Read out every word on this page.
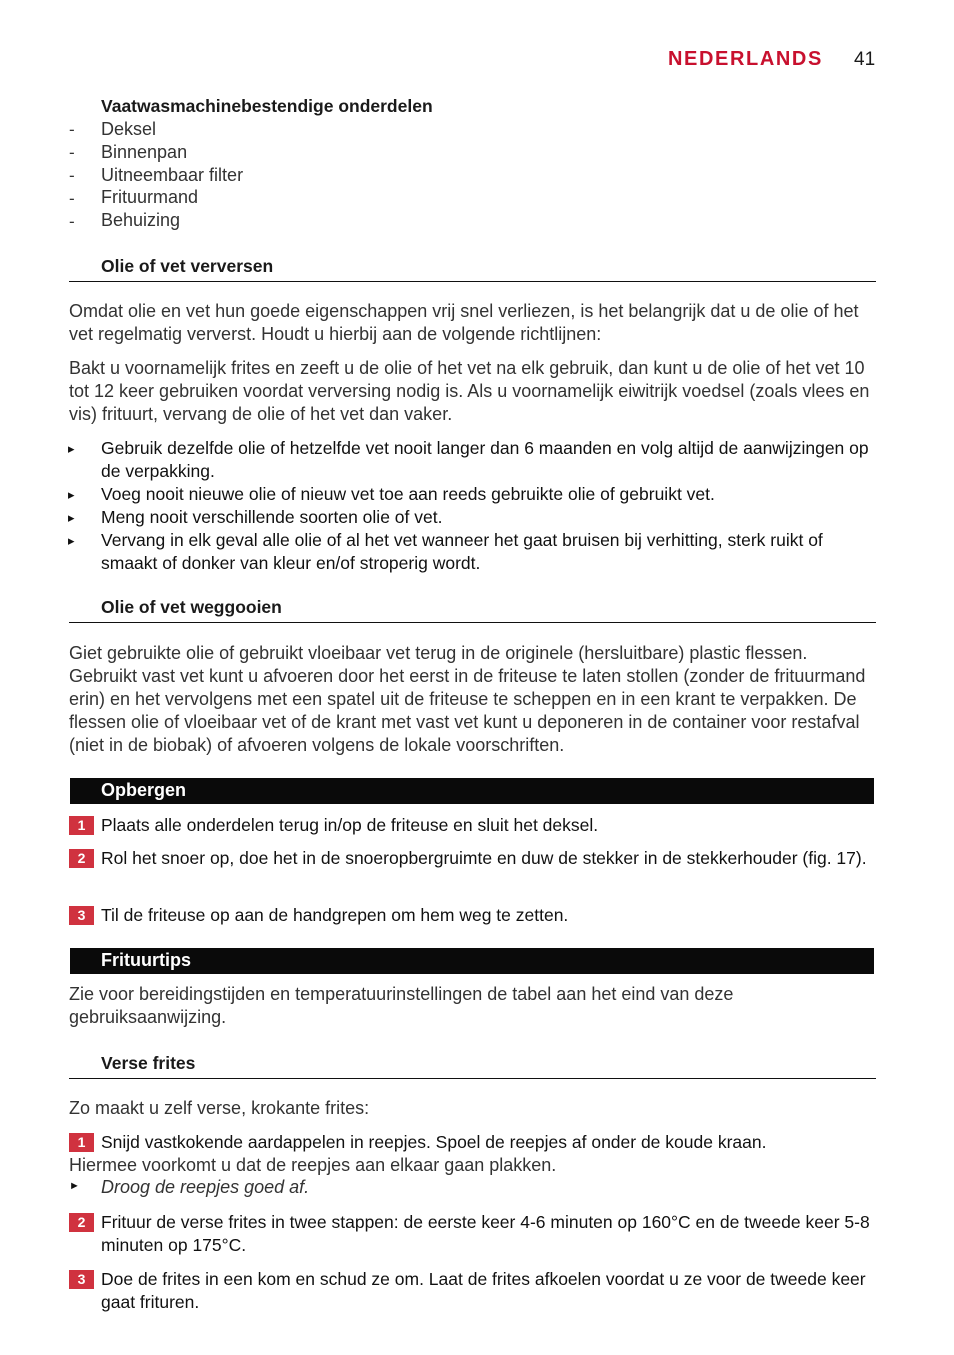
NEDERLANDS 41
Vaatwasmachinebestendige onderdelen
- Deksel
- Binnenpan
- Uitneembaar filter
- Frituurmand
- Behuizing
Olie of vet verversen
Omdat olie en vet hun goede eigenschappen vrij snel verliezen, is het belangrijk dat u de olie of het vet regelmatig ververst. Houdt u hierbij aan de volgende richtlijnen:
Bakt u voornamelijk frites en zeeft u de olie of het vet na elk gebruik, dan kunt u de olie of het vet 10 tot 12 keer gebruiken voordat verversing nodig is. Als u voornamelijk eiwitrijk voedsel (zoals vlees en vis) frituurt, vervang de olie of het vet dan vaker.
▸ Gebruik dezelfde olie of hetzelfde vet nooit langer dan 6 maanden en volg altijd de aanwijzingen op de verpakking.
▸ Voeg nooit nieuwe olie of nieuw vet toe aan reeds gebruikte olie of gebruikt vet.
▸ Meng nooit verschillende soorten olie of vet.
▸ Vervang in elk geval alle olie of al het vet wanneer het gaat bruisen bij verhitting, sterk ruikt of smaakt of donker van kleur en/of stroperig wordt.
Olie of vet weggooien
Giet gebruikte olie of gebruikt vloeibaar vet terug in de originele (hersluitbare) plastic flessen. Gebruikt vast vet kunt u afvoeren door het eerst in de friteuse te laten stollen (zonder de frituurmand erin) en het vervolgens met een spatel uit de friteuse te scheppen en in een krant te verpakken. De flessen olie of vloeibaar vet of de krant met vast vet kunt u deponeren in de container voor restafval (niet in de biobak) of afvoeren volgens de lokale voorschriften.
Opbergen
1 Plaats alle onderdelen terug in/op de friteuse en sluit het deksel.
2 Rol het snoer op, doe het in de snoeropbergruimte en duw de stekker in de stekkerhouder (fig. 17).
3 Til de friteuse op aan de handgrepen om hem weg te zetten.
Frituurtips
Zie voor bereidingstijden en temperatuurinstellingen de tabel aan het eind van deze gebruiksaanwijzing.
Verse frites
Zo maakt u zelf verse, krokante frites:
1 Snijd vastkokende aardappelen in reepjes. Spoel de reepjes af onder de koude kraan.
Hiermee voorkomt u dat de reepjes aan elkaar gaan plakken.
► Droog de reepjes goed af.
2 Frituur de verse frites in twee stappen: de eerste keer 4-6 minuten op 160°C en de tweede keer 5-8 minuten op 175°C.
3 Doe de frites in een kom en schud ze om. Laat de frites afkoelen voordat u ze voor de tweede keer gaat frituren.
